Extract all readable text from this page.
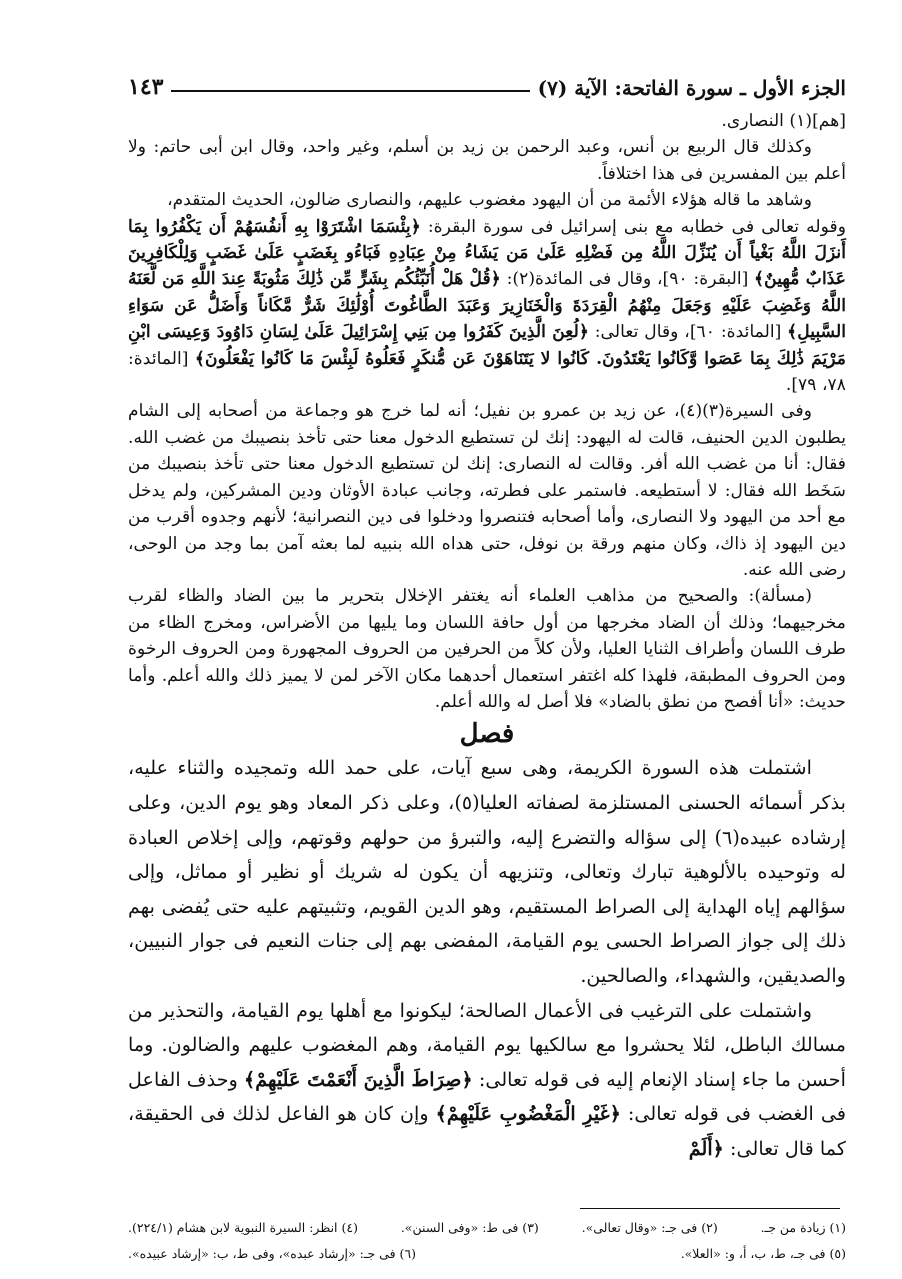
الجزء الأول ـ سورة الفاتحة: الآية (٧)
١٤٣

[هم](١) النصارى.

وكذلك قال الربيع بن أنس، وعبد الرحمن بن زيد بن أسلم، وغير واحد، وقال ابن أبى حاتم: ولا أعلم بين المفسرين فى هذا اختلافاً.

وشاهد ما قاله هؤلاء الأئمة من أن اليهود مغضوب عليهم، والنصارى ضالون، الحديث المتقدم،

وقوله تعالى فى خطابه مع بنى إسرائيل فى سورة البقرة: ﴿بِئْسَمَا اشْتَرَوْا بِهِ أَنفُسَهُمْ أَن يَكْفُرُوا بِمَا أَنزَلَ اللَّهُ بَغْياً أَن يُنَزِّلَ اللَّهُ مِن فَضْلِهِ عَلَىٰ مَن يَشَاءُ مِنْ عِبَادِهِ فَبَاءُو بِغَضَبٍ عَلَىٰ غَضَبٍ وَلِلْكَافِرِينَ عَذَابٌ مُّهِينٌ﴾ [البقرة: ٩٠]، وقال فى المائدة(٢): ﴿قُلْ هَلْ أُنَبِّئُكُم بِشَرٍّ مِّن ذَٰلِكَ مَثُوبَةً عِندَ اللَّهِ مَن لَّعَنَهُ اللَّهُ وَغَضِبَ عَلَيْهِ وَجَعَلَ مِنْهُمُ الْقِرَدَةَ وَالْخَنَازِيرَ وَعَبَدَ الطَّاغُوتَ أُوْلَٰئِكَ شَرٌّ مَّكَاناً وَأَضَلُّ عَن سَوَاءِ السَّبِيلِ﴾ [المائدة: ٦٠]، وقال تعالى: ﴿لُعِنَ الَّذِينَ كَفَرُوا مِن بَنِي إِسْرَائِيلَ عَلَىٰ لِسَانِ دَاوُودَ وَعِيسَى ابْنِ مَرْيَمَ ذَٰلِكَ بِمَا عَصَوا وَّكَانُوا يَعْتَدُونَ. كَانُوا لا يَتَنَاهَوْنَ عَن مُّنكَرٍ فَعَلُوهُ لَبِئْسَ مَا كَانُوا يَفْعَلُونَ﴾ [المائدة: ٧٨، ٧٩].

وفى السيرة(٣)(٤)، عن زيد بن عمرو بن نفيل؛ أنه لما خرج هو وجماعة من أصحابه إلى الشام يطلبون الدين الحنيف، قالت له اليهود: إنك لن تستطيع الدخول معنا حتى تأخذ بنصيبك من غضب الله. فقال: أنا من غضب الله أفر. وقالت له النصارى: إنك لن تستطيع الدخول معنا حتى تأخذ بنصيبك من سَخَط الله فقال: لا أستطيعه. فاستمر على فطرته، وجانب عبادة الأوثان ودين المشركين، ولم يدخل مع أحد من اليهود ولا النصارى، وأما أصحابه فتنصروا ودخلوا فى دين النصرانية؛ لأنهم وجدوه أقرب من دين اليهود إذ ذاك، وكان منهم ورقة بن نوفل، حتى هداه الله بنبيه لما بعثه آمن بما وجد من الوحى، رضى الله عنه.

(مسألة): والصحيح من مذاهب العلماء أنه يغتفر الإخلال بتحرير ما بين الضاد والظاء لقرب مخرجيهما؛ وذلك أن الضاد مخرجها من أول حافة اللسان وما يليها من الأضراس، ومخرج الظاء من طرف اللسان وأطراف الثنايا العليا، ولأن كلاً من الحرفين من الحروف المجهورة ومن الحروف الرخوة ومن الحروف المطبقة، فلهذا كله اغتفر استعمال أحدهما مكان الآخر لمن لا يميز ذلك والله أعلم. وأما حديث: «أنا أفصح من نطق بالضاد» فلا أصل له والله أعلم.

فصل

اشتملت هذه السورة الكريمة، وهى سبع آيات، على حمد الله وتمجيده والثناء عليه، بذكر أسمائه الحسنى المستلزمة لصفاته العليا(٥)، وعلى ذكر المعاد وهو يوم الدين، وعلى إرشاده عبيده(٦) إلى سؤاله والتضرع إليه، والتبرؤ من حولهم وقوتهم، وإلى إخلاص العبادة له وتوحيده بالألوهية تبارك وتعالى، وتنزيهه أن يكون له شريك أو نظير أو مماثل، وإلى سؤالهم إياه الهداية إلى الصراط المستقيم، وهو الدين القويم، وتثبيتهم عليه حتى يُفضى بهم ذلك إلى جواز الصراط الحسى يوم القيامة، المفضى بهم إلى جنات النعيم فى جوار النبيين، والصديقين، والشهداء، والصالحين.

واشتملت على الترغيب فى الأعمال الصالحة؛ ليكونوا مع أهلها يوم القيامة، والتحذير من مسالك الباطل، لئلا يحشروا مع سالكيها يوم القيامة، وهم المغضوب عليهم والضالون. وما أحسن ما جاء إسناد الإنعام إليه فى قوله تعالى: ﴿صِرَاطَ الَّذِينَ أَنْعَمْتَ عَلَيْهِمْ﴾ وحذف الفاعل فى الغضب فى قوله تعالى: ﴿غَيْرِ الْمَغْضُوبِ عَلَيْهِمْ﴾ وإن كان هو الفاعل لذلك فى الحقيقة، كما قال تعالى: ﴿أَلَمْ

(١) زيادة من جـ.
(٢) فى جـ: «وقال تعالى».
(٣) فى ط: «وفى السنن».
(٤) انظر: السيرة النبوية لابن هشام (٢٢٤/١).
(٥) فى جـ، ط، ب، أ، و: «العلا».
(٦) فى جـ: «إرشاد عبده»، وفى ط، ب: «إرشاد عبيده».
